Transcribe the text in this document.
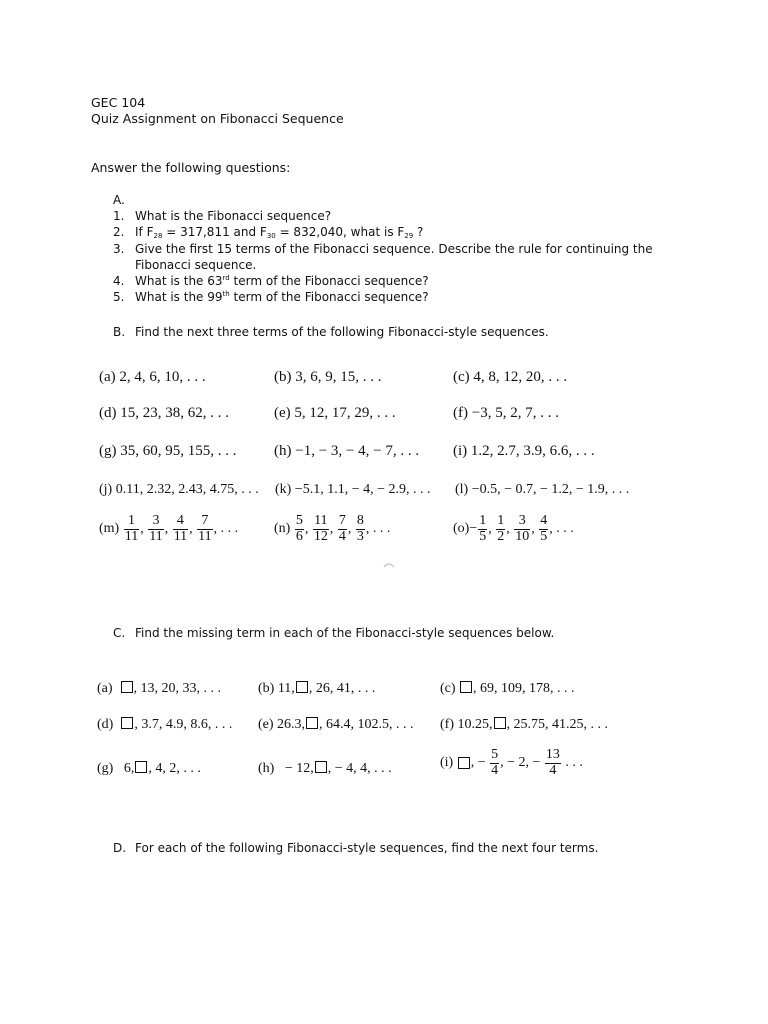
GEC 104
Quiz Assignment on Fibonacci Sequence
Answer the following questions:
A.
1. What is the Fibonacci sequence?
2. If $F_{28} = 317,811$ and $F_{30} = 832,040$, what is $F_{29}$ ?
3. Give the first 15 terms of the Fibonacci sequence. Describe the rule for continuing the
Fibonacci sequence.
4. What is the 63rd term of the Fibonacci sequence?
5. What is the 99th term of the Fibonacci sequence?
B. Find the next three terms of the following Fibonacci-style sequences.
(a) 2, 4, 6, 10, . . .	(b) 3, 6, 9, 15, . . .	(c) 4, 8, 12, 20, . . .
(d) 15, 23, 38, 62, . . .	(e) 5, 12, 17, 29, . . .	(f) −3, 5, 2, 7, . . .
(g) 35, 60, 95, 155, . . .	(h) −1, − 3, − 4, − 7, . . . (i) 1.2, 2.7, 3.9, 6.6, . . .
(j) 0.11, 2.32, 2.43, 4.75, . . . (k) −5.1, 1.1, − 4, − 2.9, . . . (l) −0.5, − 0.7, − 1.2, − 1.9, . . .
$(m) \frac{1}{11}$ , $\frac{3}{11}$ , $\frac{4}{11}$ , $\frac{7}{11}$ , . . .	$(n) \frac{5}{6}$ , $\frac{11}{12}$ , $\frac{7}{4}$ , $\frac{8}{3}$ , . . .	$(o)- \frac{1}{5}$ , $\frac{1}{2}$ , $\frac{3}{10}$ , $\frac{4}{5}$ , . . .
C. Find the missing term in each of the Fibonacci-style sequences below.
(a) , 13, 20, 33, . . .	(b) 11, , 26, 41, . . .	(c) , 69, 109, 178, . . .
(d) , 3.7, 4.9, 8.6, . . . (e) 26.3, , 64.4, 102.5, . . . (f) 10.25, , 25.75, 41.25, . . .
(g) 6, , 4, 2, . . .	(h) − 12, , − 4, 4, . . .	(i) , − $\frac{5}{4}$ , − 2, − $\frac{13}{4}$ . . .
D. For each of the following Fibonacci-style sequences, find the next four terms.
